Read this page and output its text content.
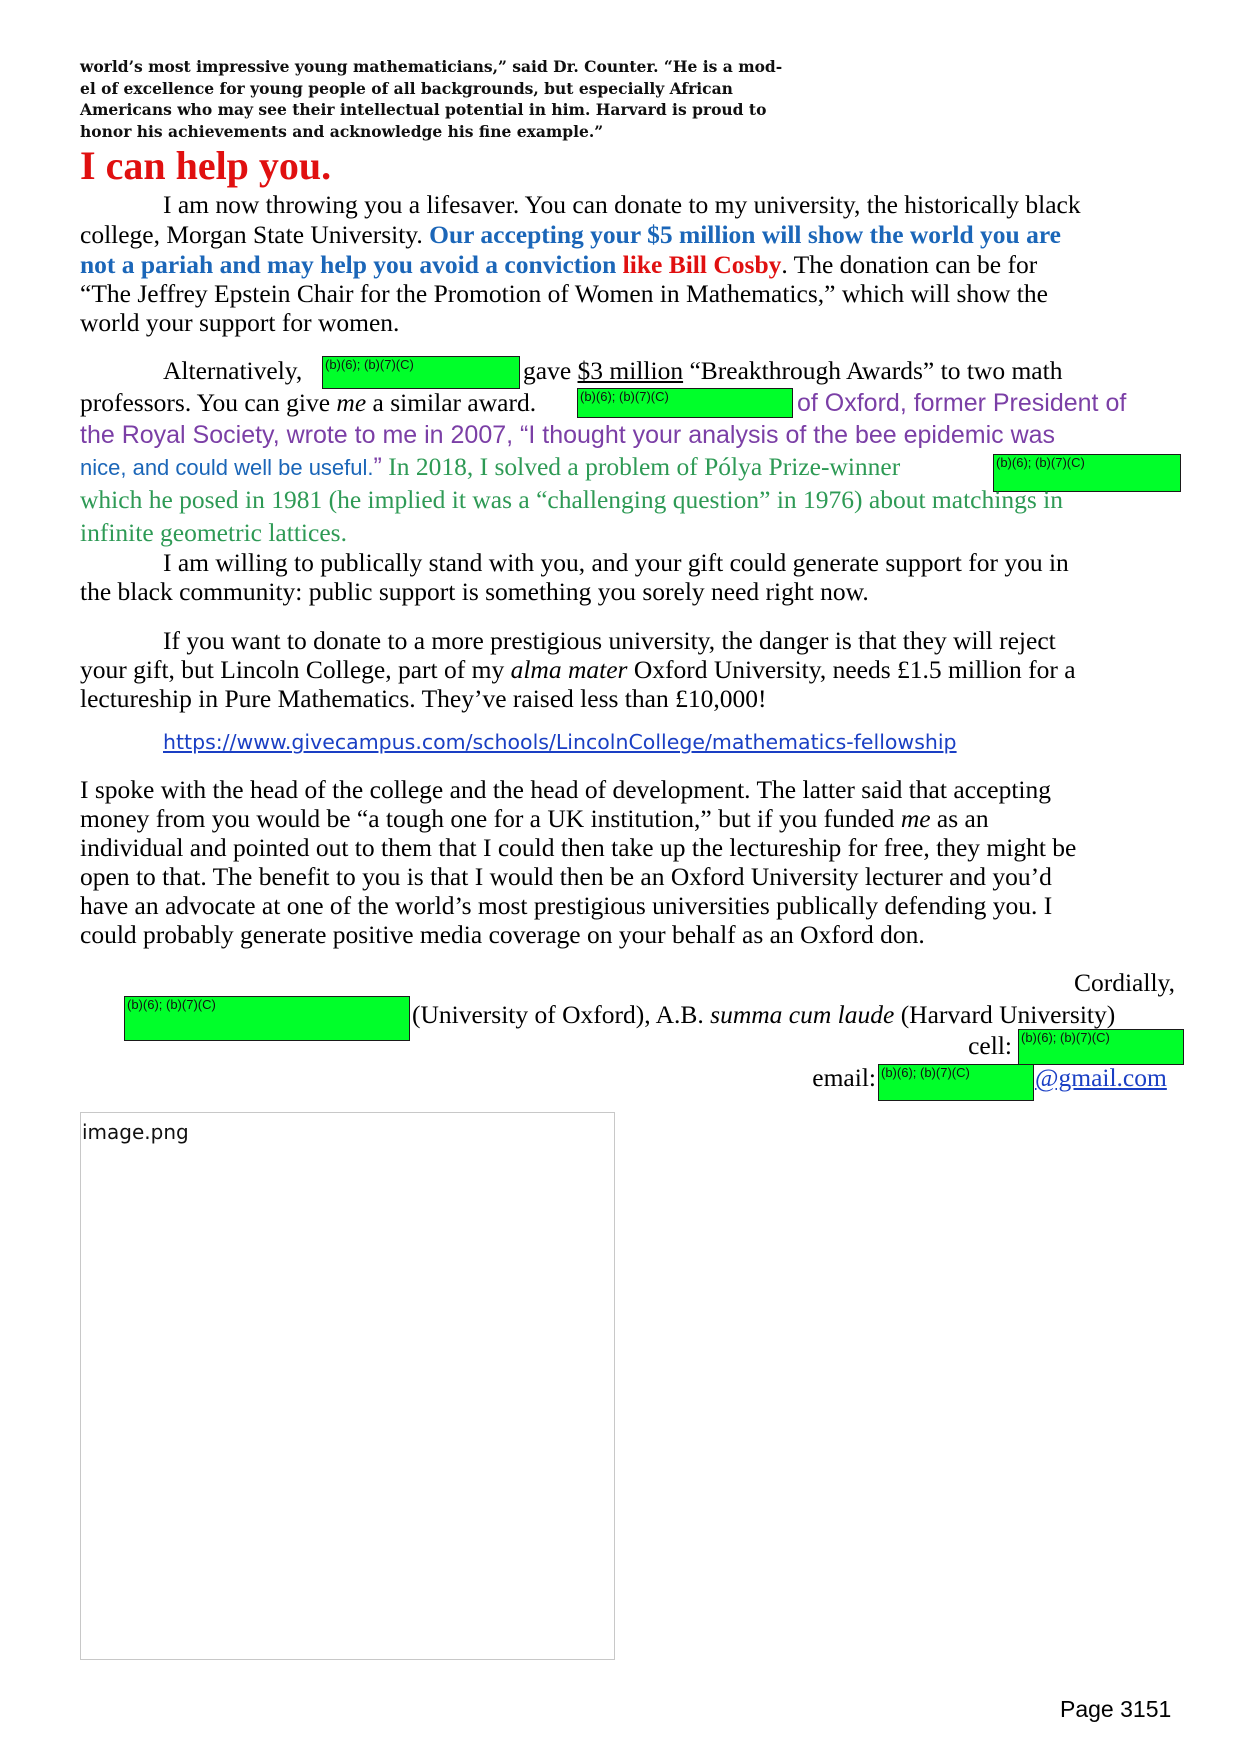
world’s most impressive young mathematicians,” said Dr. Counter. “He is a mod-
el of excellence for young people of all backgrounds, but especially African
Americans who may see their intellectual potential in him. Harvard is proud to
honor his achievements and acknowledge his fine example.”
I can help you.
I am now throwing you a lifesaver. You can donate to my university, the historically black
college, Morgan State University. Our accepting your $5 million will show the world you are
not a pariah and may help you avoid a conviction like Bill Cosby. The donation can be for
“The Jeffrey Epstein Chair for the Promotion of Women in Mathematics,” which will show the
world your support for women.
Alternatively, (b)(6); (b)(7)(C)	gave $3 million “Breakthrough Awards” to two math
professors. You can give me a similar award.	(b)(6); (b)(7)(C)	of Oxford, former President of
the Royal Society, wrote to me in 2007, “I thought your analysis of the bee epidemic was
nice, and could well be useful.” In 2018, I solved a problem of Pólya Prize-winner	(b)(6); (b)(7)(C)
which he posed in 1981 (he implied it was a “challenging question” in 1976) about matchings in
infinite geometric lattices.
I am willing to publically stand with you, and your gift could generate support for you in
the black community: public support is something you sorely need right now.
If you want to donate to a more prestigious university, the danger is that they will reject
your gift, but Lincoln College, part of my alma mater Oxford University, needs £1.5 million for a
lectureship in Pure Mathematics. They’ve raised less than £10,000!
https://www.givecampus.com/schools/LincolnCollege/mathematics-fellowship
I spoke with the head of the college and the head of development. The latter said that accepting
money from you would be “a tough one for a UK institution,” but if you funded me as an
individual and pointed out to them that I could then take up the lectureship for free, they might be
open to that. The benefit to you is that I would then be an Oxford University lecturer and you’d
have an advocate at one of the world’s most prestigious universities publically defending you. I
could probably generate positive media coverage on your behalf as an Oxford don.
Cordially,
(b)(6); (b)(7)(C)	(University of Oxford), A.B. summa cum laude (Harvard University)
cell: (b)(6); (b)(7)(C)
email: (b)(6); (b)(7)(C)	@gmail.com
image.png
Page 3151
